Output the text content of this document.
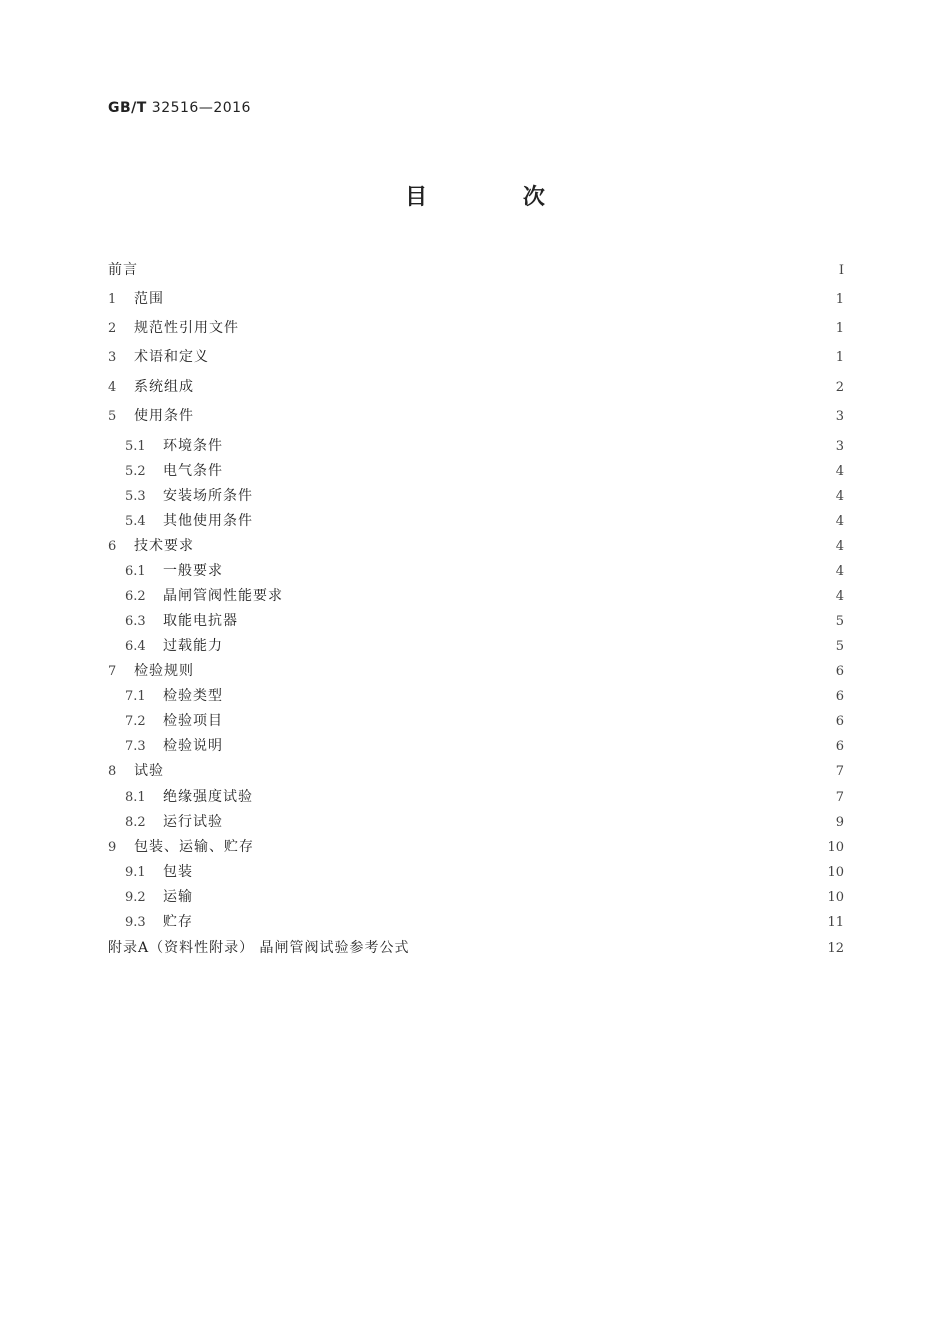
GB/T 32516—2016
目 次
前言	Ⅰ
1	范围	1
2	规范性引用文件	1
3	术语和定义	1
4	系统组成	2
5	使用条件	3
5.1	环境条件	3
5.2	电气条件	4
5.3	安装场所条件	4
5.4	其他使用条件	4
6	技术要求	4
6.1	一般要求	4
6.2	晶闸管阀性能要求	4
6.3	取能电抗器	5
6.4	过载能力	5
7	检验规则	6
7.1	检验类型	6
7.2	检验项目	6
7.3	检验说明	6
8	试验	7
8.1	绝缘强度试验	7
8.2	运行试验	9
9	包装、运输、贮存	10
9.1	包装	10
9.2	运输	10
9.3	贮存	11
附录A（资料性附录） 晶闸管阀试验参考公式	12
